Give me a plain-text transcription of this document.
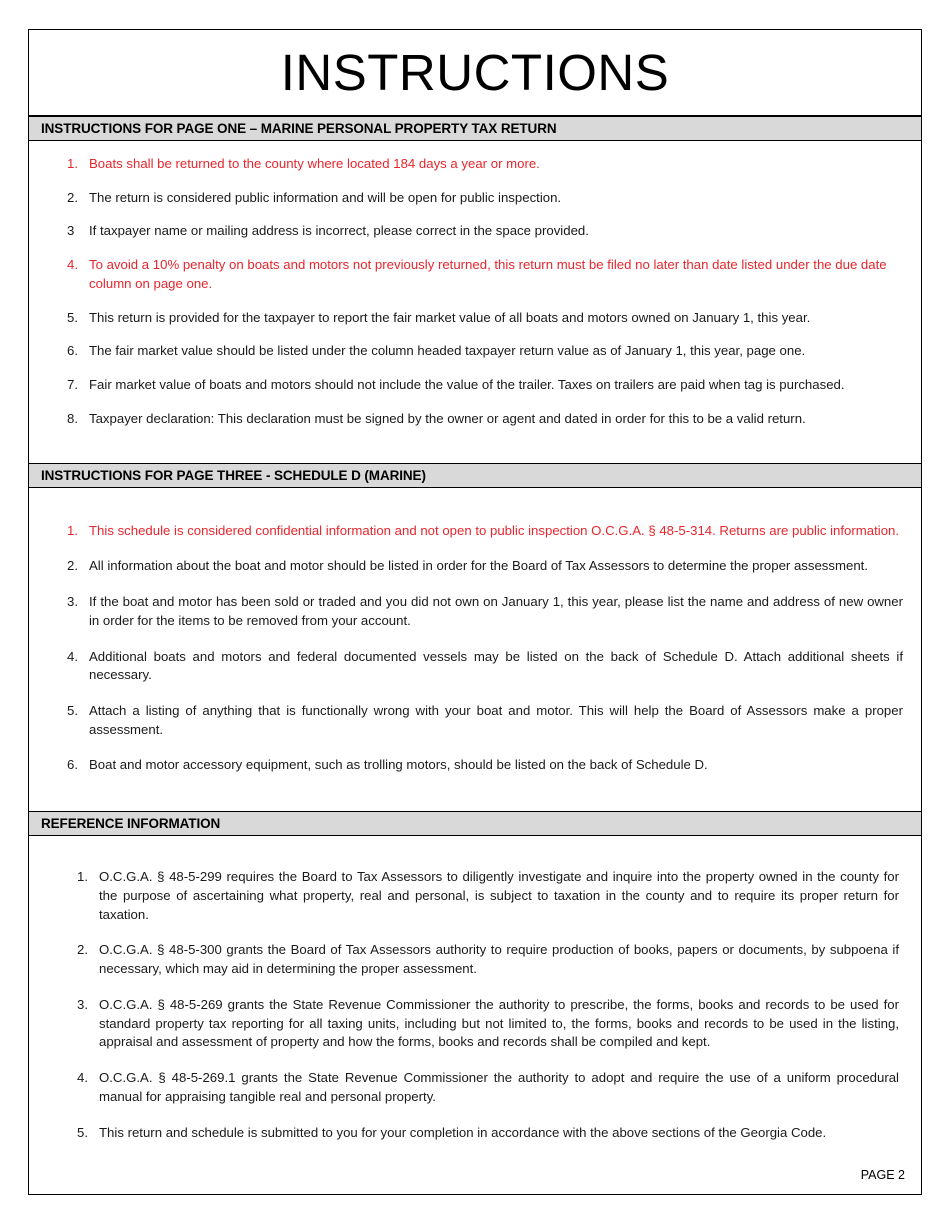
INSTRUCTIONS
INSTRUCTIONS FOR PAGE ONE – MARINE PERSONAL PROPERTY TAX RETURN
1. Boats shall be returned to the county where located 184 days a year or more.
2. The return is considered public information and will be open for public inspection.
3	If taxpayer name or mailing address is incorrect, please correct in the space provided.
4. To avoid a 10% penalty on boats and motors not previously returned, this return must be filed no later than date listed under the due date column on page one.
5. This return is provided for the taxpayer to report the fair market value of all boats and motors owned on January 1, this year.
6. The fair market value should be listed under the column headed taxpayer return value as of January 1, this year, page one.
7. Fair market value of boats and motors should not include the value of the trailer. Taxes on trailers are paid when tag is purchased.
8. Taxpayer declaration: This declaration must be signed by the owner or agent and dated in order for this to be a valid return.
INSTRUCTIONS FOR PAGE THREE - SCHEDULE D (MARINE)
1. This schedule is considered confidential information and not open to public inspection O.C.G.A. § 48-5-314. Returns are public information.
2. All information about the boat and motor should be listed in order for the Board of Tax Assessors to determine the proper assessment.
3. If the boat and motor has been sold or traded and you did not own on January 1, this year, please list the name and address of new owner in order for the items to be removed from your account.
4. Additional boats and motors and federal documented vessels may be listed on the back of Schedule D. Attach additional sheets if necessary.
5. Attach a listing of anything that is functionally wrong with your boat and motor. This will help the Board of Assessors make a proper assessment.
6. Boat and motor accessory equipment, such as trolling motors, should be listed on the back of Schedule D.
REFERENCE INFORMATION
1. O.C.G.A. § 48-5-299 requires the Board to Tax Assessors to diligently investigate and inquire into the property owned in the county for the purpose of ascertaining what property, real and personal, is subject to taxation in the county and to require its proper return for taxation.
2. O.C.G.A. § 48-5-300 grants the Board of Tax Assessors authority to require production of books, papers or documents, by subpoena if necessary, which may aid in determining the proper assessment.
3. O.C.G.A. § 48-5-269 grants the State Revenue Commissioner the authority to prescribe, the forms, books and records to be used for standard property tax reporting for all taxing units, including but not limited to, the forms, books and records to be used in the listing, appraisal and assessment of property and how the forms, books and records shall be compiled and kept.
4. O.C.G.A. § 48-5-269.1 grants the State Revenue Commissioner the authority to adopt and require the use of a uniform procedural manual for appraising tangible real and personal property.
5. This return and schedule is submitted to you for your completion in accordance with the above sections of the Georgia Code.
PAGE 2
